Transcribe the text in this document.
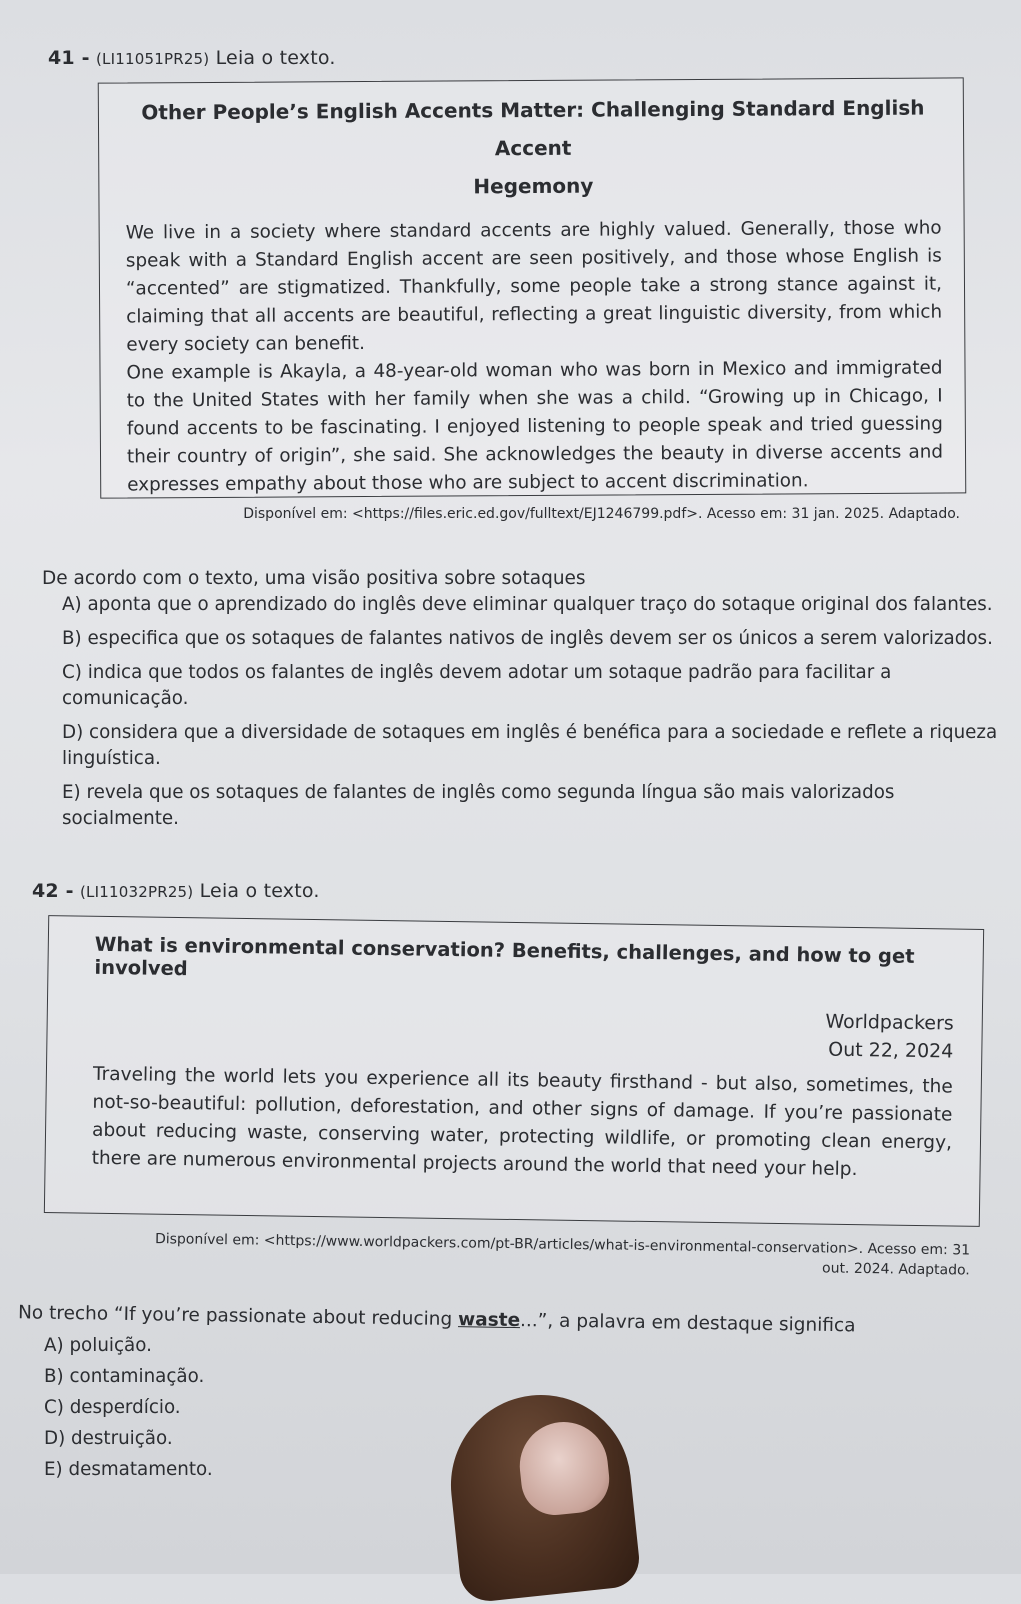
41 - (LI11051PR25) Leia o texto.
Other People’s English Accents Matter: Challenging Standard English Accent
Hegemony
We live in a society where standard accents are highly valued. Generally, those who speak with a Standard English accent are seen positively, and those whose English is “accented” are stigmatized. Thankfully, some people take a strong stance against it, claiming that all accents are beautiful, reflecting a great linguistic diversity, from which every society can benefit.
One example is Akayla, a 48-year-old woman who was born in Mexico and immigrated to the United States with her family when she was a child. “Growing up in Chicago, I found accents to be fascinating. I enjoyed listening to people speak and tried guessing their country of origin”, she said. She acknowledges the beauty in diverse accents and expresses empathy about those who are subject to accent discrimination.
Disponível em: <https://files.eric.ed.gov/fulltext/EJ1246799.pdf>. Acesso em: 31 jan. 2025. Adaptado.
De acordo com o texto, uma visão positiva sobre sotaques
A) aponta que o aprendizado do inglês deve eliminar qualquer traço do sotaque original dos falantes.
B) especifica que os sotaques de falantes nativos de inglês devem ser os únicos a serem valorizados.
C) indica que todos os falantes de inglês devem adotar um sotaque padrão para facilitar a comunicação.
D) considera que a diversidade de sotaques em inglês é benéfica para a sociedade e reflete a riqueza linguística.
E) revela que os sotaques de falantes de inglês como segunda língua são mais valorizados socialmente.
42 - (LI11032PR25) Leia o texto.
What is environmental conservation? Benefits, challenges, and how to get involved
Worldpackers
Out 22, 2024
Traveling the world lets you experience all its beauty firsthand - but also, sometimes, the not-so-beautiful: pollution, deforestation, and other signs of damage. If you’re passionate about reducing waste, conserving water, protecting wildlife, or promoting clean energy, there are numerous environmental projects around the world that need your help.
Disponível em: <https://www.worldpackers.com/pt-BR/articles/what-is-environmental-conservation>. Acesso em: 31
out. 2024. Adaptado.
No trecho “If you’re passionate about reducing waste...”, a palavra em destaque significa
A) poluição.
B) contaminação.
C) desperdício.
D) destruição.
E) desmatamento.
